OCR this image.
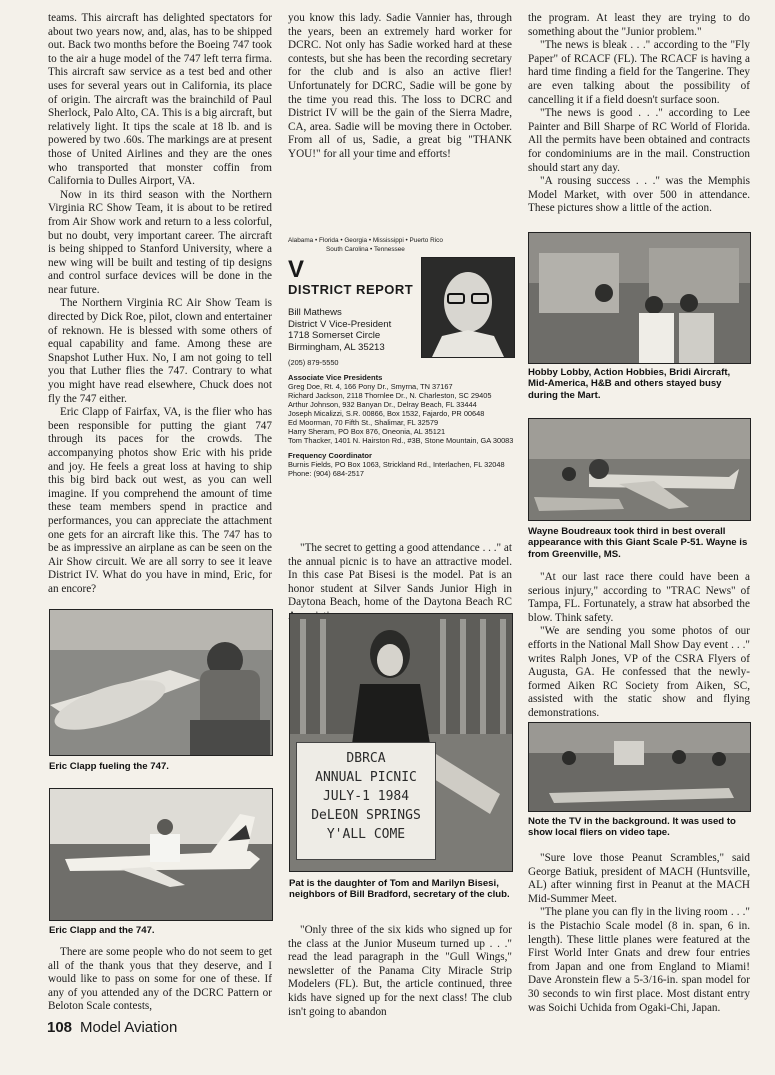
teams. This aircraft has delighted spectators for about two years now, and, alas, has to be shipped out. Back two months before the Boeing 747 took to the air a huge model of the 747 left terra firma. This aircraft saw service as a test bed and other uses for several years out in California, its place of origin. The aircraft was the brainchild of Paul Sherlock, Palo Alto, CA. This is a big aircraft, but relatively light. It tips the scale at 18 lb. and is powered by two .60s. The markings are at present those of United Airlines and they are the ones who transported that monster coffin from California to Dulles Airport, VA.

Now in its third season with the Northern Virginia RC Show Team, it is about to be retired from Air Show work and return to a less colorful, but no doubt, very important career. The aircraft is being shipped to Stanford University, where a new wing will be built and testing of tip designs and control surface devices will be done in the near future.

The Northern Virginia RC Air Show Team is directed by Dick Roe, pilot, clown and entertainer of reknown. He is blessed with some others of equal capability and fame. Among these are Snapshot Luther Hux. No, I am not going to tell you that Luther flies the 747. Contrary to what you might have read elsewhere, Chuck does not fly the 747 either.

Eric Clapp of Fairfax, VA, is the flier who has been responsible for putting the giant 747 through its paces for the crowds. The accompanying photos show Eric with his pride and joy. He feels a great loss at having to ship this big bird back out west, as you can well imagine. If you comprehend the amount of time these team members spend in practice and performances, you can appreciate the attachment one gets for an aircraft like this. The 747 has to be as impressive an airplane as can be seen on the Air Show circuit. We are all sorry to see it leave District IV. What do you have in mind, Eric, for an encore?

Eric Clapp fueling the 747.
Eric Clapp and the 747.

There are some people who do not seem to get all of the thank yous that they deserve, and I would like to pass on some for one of these. If any of you attended any of the DCRC Pattern or Beloton Scale contests,

you know this lady. Sadie Vannier has, through the years, been an extremely hard worker for DCRC. Not only has Sadie worked hard at these contests, but she has been the recording secretary for the club and is also an active flier! Unfortunately for DCRC, Sadie will be gone by the time you read this. The loss to DCRC and District IV will be the gain of the Sierra Madre, CA, area. Sadie will be moving there in October. From all of us, Sadie, a great big "THANK YOU!" for all your time and efforts!

Alabama • Florida • Georgia • Mississippi • Puerto Rico
South Carolina • Tennessee
V
DISTRICT REPORT
Bill Mathews
District V Vice-President
1718 Somerset Circle
Birmingham, AL 35213
(205) 879-5550
Associate Vice Presidents
Greg Doe, Rt. 4, 166 Pony Dr., Smyrna, TN 37167
Richard Jackson, 2118 Thornlee Dr., N. Charleston, SC 29405
Arthur Johnson, 932 Banyan Dr., Delray Beach, FL 33444
Joseph Micalizzi, S.R. 00866, Box 1532, Fajardo, PR 00648
Ed Moorman, 70 Fifth St., Shalimar, FL 32579
Harry Sheram, PO Box 876, Oneonia, AL 35121
Tom Thacker, 1401 N. Hairston Rd., #3B, Stone Mountain, GA 30083
Frequency Coordinator
Burnis Fields, PO Box 1063, Strickland Rd., Interlachen, FL 32048
Phone: (904) 684-2517

"The secret to getting a good attendance . . ." at the annual picnic is to have an attractive model. In this case Pat Bisesi is the model. Pat is an honor student at Silver Sands Junior High in Daytona Beach, home of the Daytona Beach RC

DBRCA
ANNUAL PICNIC
JULY-1 1984
DeLEON SPRINGS
Y'ALL COME
Pat is the daughter of Tom and Marilyn Bisesi, neighbors of Bill Bradford, secretary of the club.

"Only three of the six kids who signed up for the class at the Junior Museum turned up . . ." read the lead paragraph in the "Gull Wings," newsletter of the Panama City Miracle Strip Modelers (FL). But, the article continued, three kids have signed up for the next class! The club isn't going to abandon

the program. At least they are trying to do something about the "Junior problem."

"The news is bleak . . ." according to the "Fly Paper" of RCACF (FL). The RCACF is having a hard time finding a field for the Tangerine. They are even talking about the possibility of cancelling it if a field doesn't surface soon.

"The news is good . . ." according to Lee Painter and Bill Sharpe of RC World of Florida. All the permits have been obtained and contracts for condominiums are in the mail. Construction should start any day.

"A rousing success . . ." was the Memphis Model Market, with over 500 in attendance. These pictures show a little of the action.

Hobby Lobby, Action Hobbies, Bridi Aircraft, Mid-America, H&B and others stayed busy during the Mart.
Wayne Boudreaux took third in best overall appearance with this Giant Scale P-51. Wayne is from Greenville, MS.

"At our last race there could have been a serious injury," according to "TRAC News" of Tampa, FL. Fortunately, a straw hat absorbed the blow. Think safety.

"We are sending you some photos of our efforts in the National Mall Show Day event . . ." writes Ralph Jones, VP of the CSRA Flyers of Augusta, GA. He confessed that the newly-formed Aiken RC Society from Aiken, SC, assisted with the static show and flying demonstrations.

Note the TV in the background. It was used to show local fliers on video tape.

"Sure love those Peanut Scrambles," said George Batiuk, president of MACH (Huntsville, AL) after winning first in Peanut at the MACH Mid-Summer Meet.

"The plane you can fly in the living room . . ." is the Pistachio Scale model (8 in. span, 6 in. length). These little planes were featured at the First World Inter Gnats and drew four entries from Japan and one from England to Miami! Dave Aronstein flew a 5-3/16-in. span model for 30 seconds to win first place. Most distant entry was Soichi Uchida from Ogaki-Chi, Japan.

108 Model Aviation
